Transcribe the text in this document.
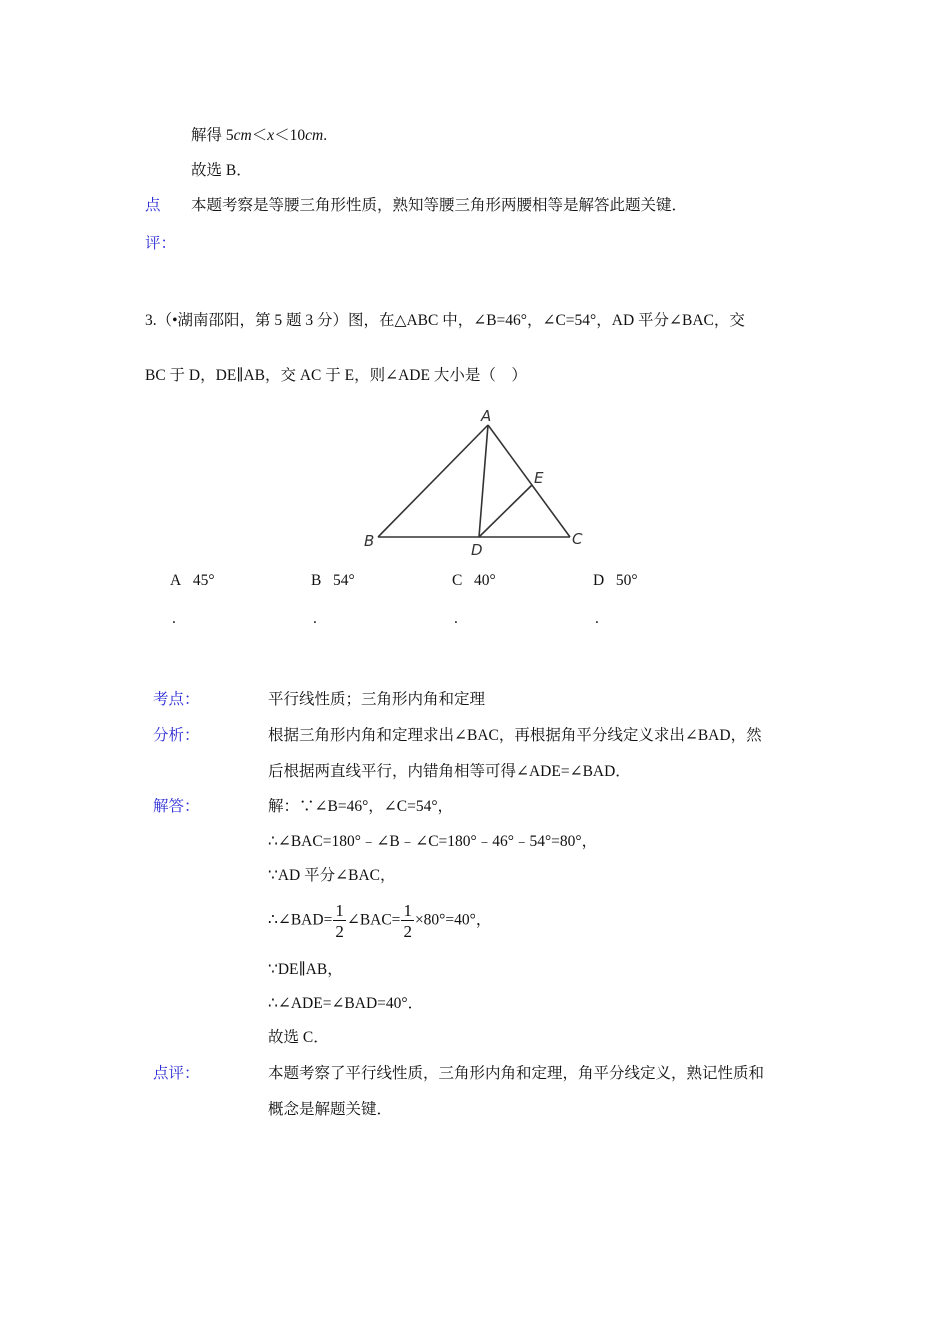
解得 5cm＜x＜10cm.
故选 B．
点 本题考察是等腰三角形性质，熟知等腰三角形两腰相等是解答此题关键．
评：
3.（•湖南邵阳，第 5 题 3 分）图，在△ABC 中，∠B=46°，∠C=54°，AD 平分∠BAC，交
BC 于 D，DE∥AB，交 AC 于 E，则∠ADE 大小是（　）
A
B	C
D
E
A 45°
.
B 54°
.
C 40°
.
D 50°
.
考点：	平行线性质；三角形内角和定理
分析：	根据三角形内角和定理求出∠BAC，再根据角平分线定义求出∠BAD，然
后根据两直线平行，内错角相等可得∠ADE=∠BAD．
解答：	解：∵∠B=46°，∠C=54°，
∴∠BAC=180°﹣∠B﹣∠C=180°﹣46°﹣54°=80°，
∵AD 平分∠BAC，
∴∠BAD= $\frac{1}{2}$ ∠BAC= $\frac{1}{2} \times 80^\circ=40^\circ$，
∵DE∥AB，
∴∠ADE=∠BAD=40°．
故选 C．
点评：	本题考察了平行线性质，三角形内角和定理，角平分线定义，熟记性质和
概念是解题关键．
